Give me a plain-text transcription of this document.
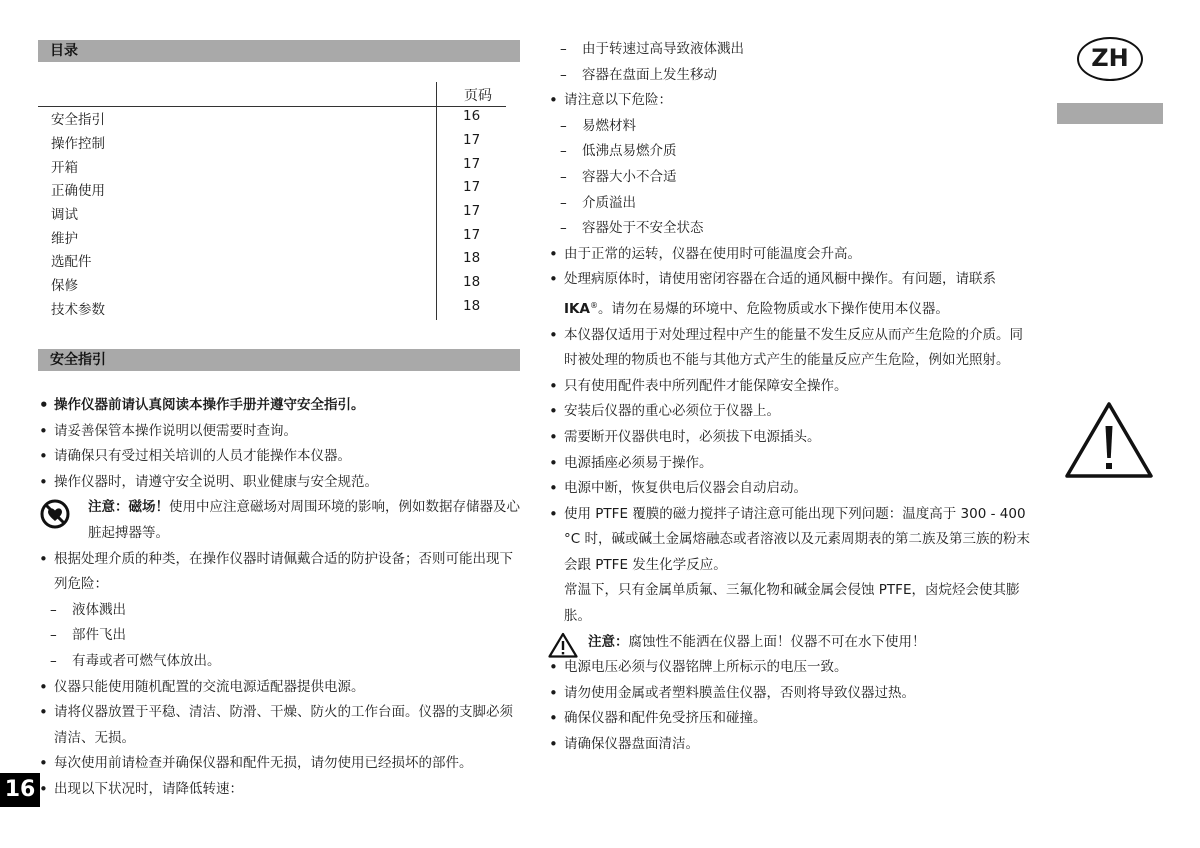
目录
页码
安全指引	16
操作控制	17
开箱	17
正确使用	17
调试	17
维护	17
选配件	18
保修	18
技术参数	18
安全指引
• 操作仪器前请认真阅读本操作手册并遵守安全指引。
• 请妥善保管本操作说明以便需要时查询。
• 请确保只有受过相关培训的人员才能操作本仪器。
• 操作仪器时，请遵守安全说明、职业健康与安全规范。
注意：磁场！使用中应注意磁场对周围环境的影响，例如数据存储器及心脏起搏器等。
• 根据处理介质的种类，在操作仪器时请佩戴合适的防护设备；否则可能出现下列危险：
– 液体溅出
– 部件飞出
– 有毒或者可燃气体放出。
• 仪器只能使用随机配置的交流电源适配器提供电源。
• 请将仪器放置于平稳、清洁、防滑、干燥、防火的工作台面。仪器的支脚必须清洁、无损。
• 每次使用前请检查并确保仪器和配件无损，请勿使用已经损坏的部件。
• 出现以下状况时，请降低转速：
– 由于转速过高导致液体溅出
– 容器在盘面上发生移动
• 请注意以下危险：
– 易燃材料
– 低沸点易燃介质
– 容器大小不合适
– 介质溢出
– 容器处于不安全状态
• 由于正常的运转，仪器在使用时可能温度会升高。
• 处理病原体时，请使用密闭容器在合适的通风橱中操作。有问题，请联系IKA®。请勿在易爆的环境中、危险物质或水下操作使用本仪器。
• 本仪器仅适用于对处理过程中产生的能量不发生反应从而产生危险的介质。同时被处理的物质也不能与其他方式产生的能量反应产生危险，例如光照射。
• 只有使用配件表中所列配件才能保障安全操作。
• 安装后仪器的重心必须位于仪器上。
• 需要断开仪器供电时，必须拔下电源插头。
• 电源插座必须易于操作。
• 电源中断，恢复供电后仪器会自动启动。
• 使用 PTFE 覆膜的磁力搅拌子请注意可能出现下列问题：温度高于 300 - 400 °C 时，碱或碱土金属熔融态或者溶液以及元素周期表的第二族及第三族的粉末会跟 PTFE 发生化学反应。
常温下，只有金属单质氟、三氟化物和碱金属会侵蚀 PTFE，卤烷烃会使其膨胀。
注意：腐蚀性不能洒在仪器上面！仪器不可在水下使用！
• 电源电压必须与仪器铭牌上所标示的电压一致。
• 请勿使用金属或者塑料膜盖住仪器，否则将导致仪器过热。
• 确保仪器和配件免受挤压和碰撞。
• 请确保仪器盘面清洁。
ZH
16
